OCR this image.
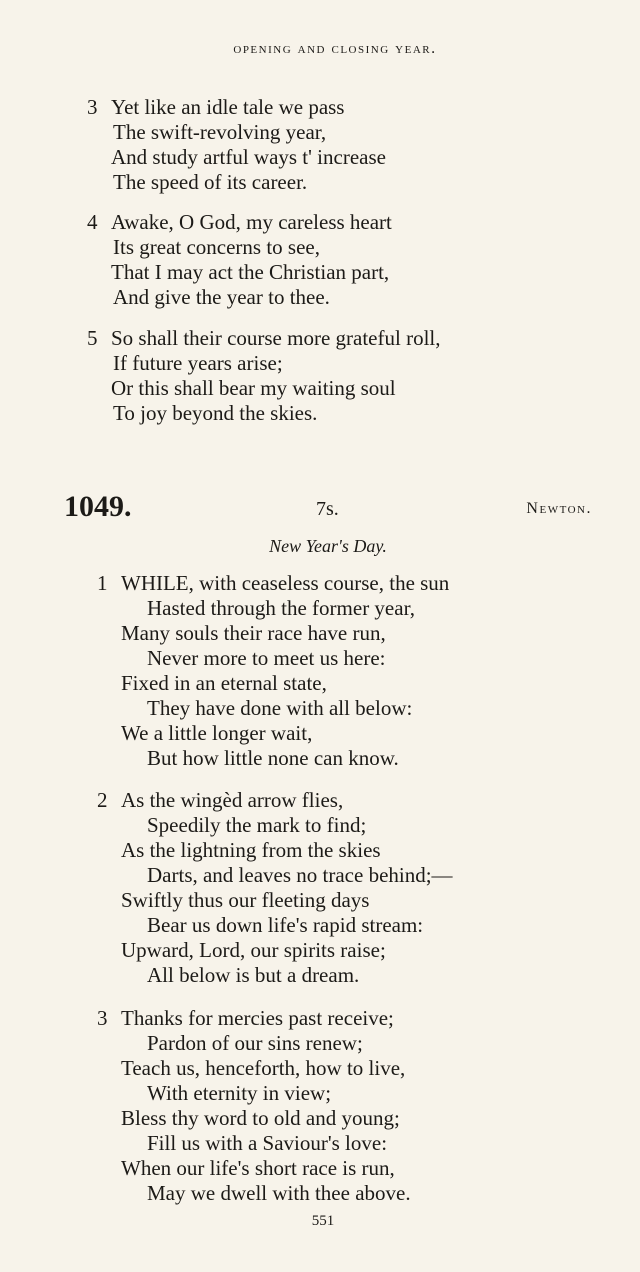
opening and closing year.
3 Yet like an idle tale we pass
The swift-revolving year,
And study artful ways t' increase
The speed of its career.
4 Awake, O God, my careless heart
Its great concerns to see,
That I may act the Christian part,
And give the year to thee.
5 So shall their course more grateful roll,
If future years arise;
Or this shall bear my waiting soul
To joy beyond the skies.
1049.	7s.	Newton.
New Year's Day.
1 WHILE, with ceaseless course, the sun
Hasted through the former year,
Many souls their race have run,
Never more to meet us here:
Fixed in an eternal state,
They have done with all below:
We a little longer wait,
But how little none can know.
2 As the wingèd arrow flies,
Speedily the mark to find;
As the lightning from the skies
Darts, and leaves no trace behind;—
Swiftly thus our fleeting days
Bear us down life's rapid stream:
Upward, Lord, our spirits raise;
All below is but a dream.
3 Thanks for mercies past receive;
Pardon of our sins renew;
Teach us, henceforth, how to live,
With eternity in view;
Bless thy word to old and young;
Fill us with a Saviour's love:
When our life's short race is run,
May we dwell with thee above.
551
